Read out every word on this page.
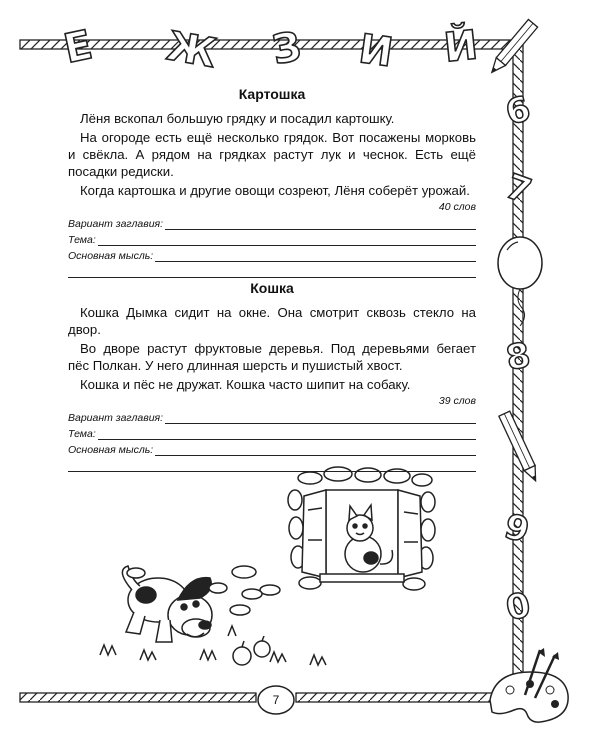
Е Ж З И Й
6
7
8
9
0
Картошка

Лёня вскопал большую грядку и посадил картошку.

На огороде есть ещё несколько грядок. Вот посажены морковь и свёкла. А рядом на грядках растут лук и чеснок. Есть ещё посадки редиски.

Когда картошка и другие овощи созреют, Лёня соберёт урожай.

40 слов
Вариант заглавия:
Тема:
Основная мысль:
Кошка

Кошка Дымка сидит на окне. Она смотрит сквозь стекло на двор.

Во дворе растут фруктовые деревья. Под деревьями бегает пёс Полкан. У него длинная шерсть и пушистый хвост.

Кошка и пёс не дружат. Кошка часто шипит на собаку.

39 слов
Вариант заглавия:
Тема:
Основная мысль:
7
